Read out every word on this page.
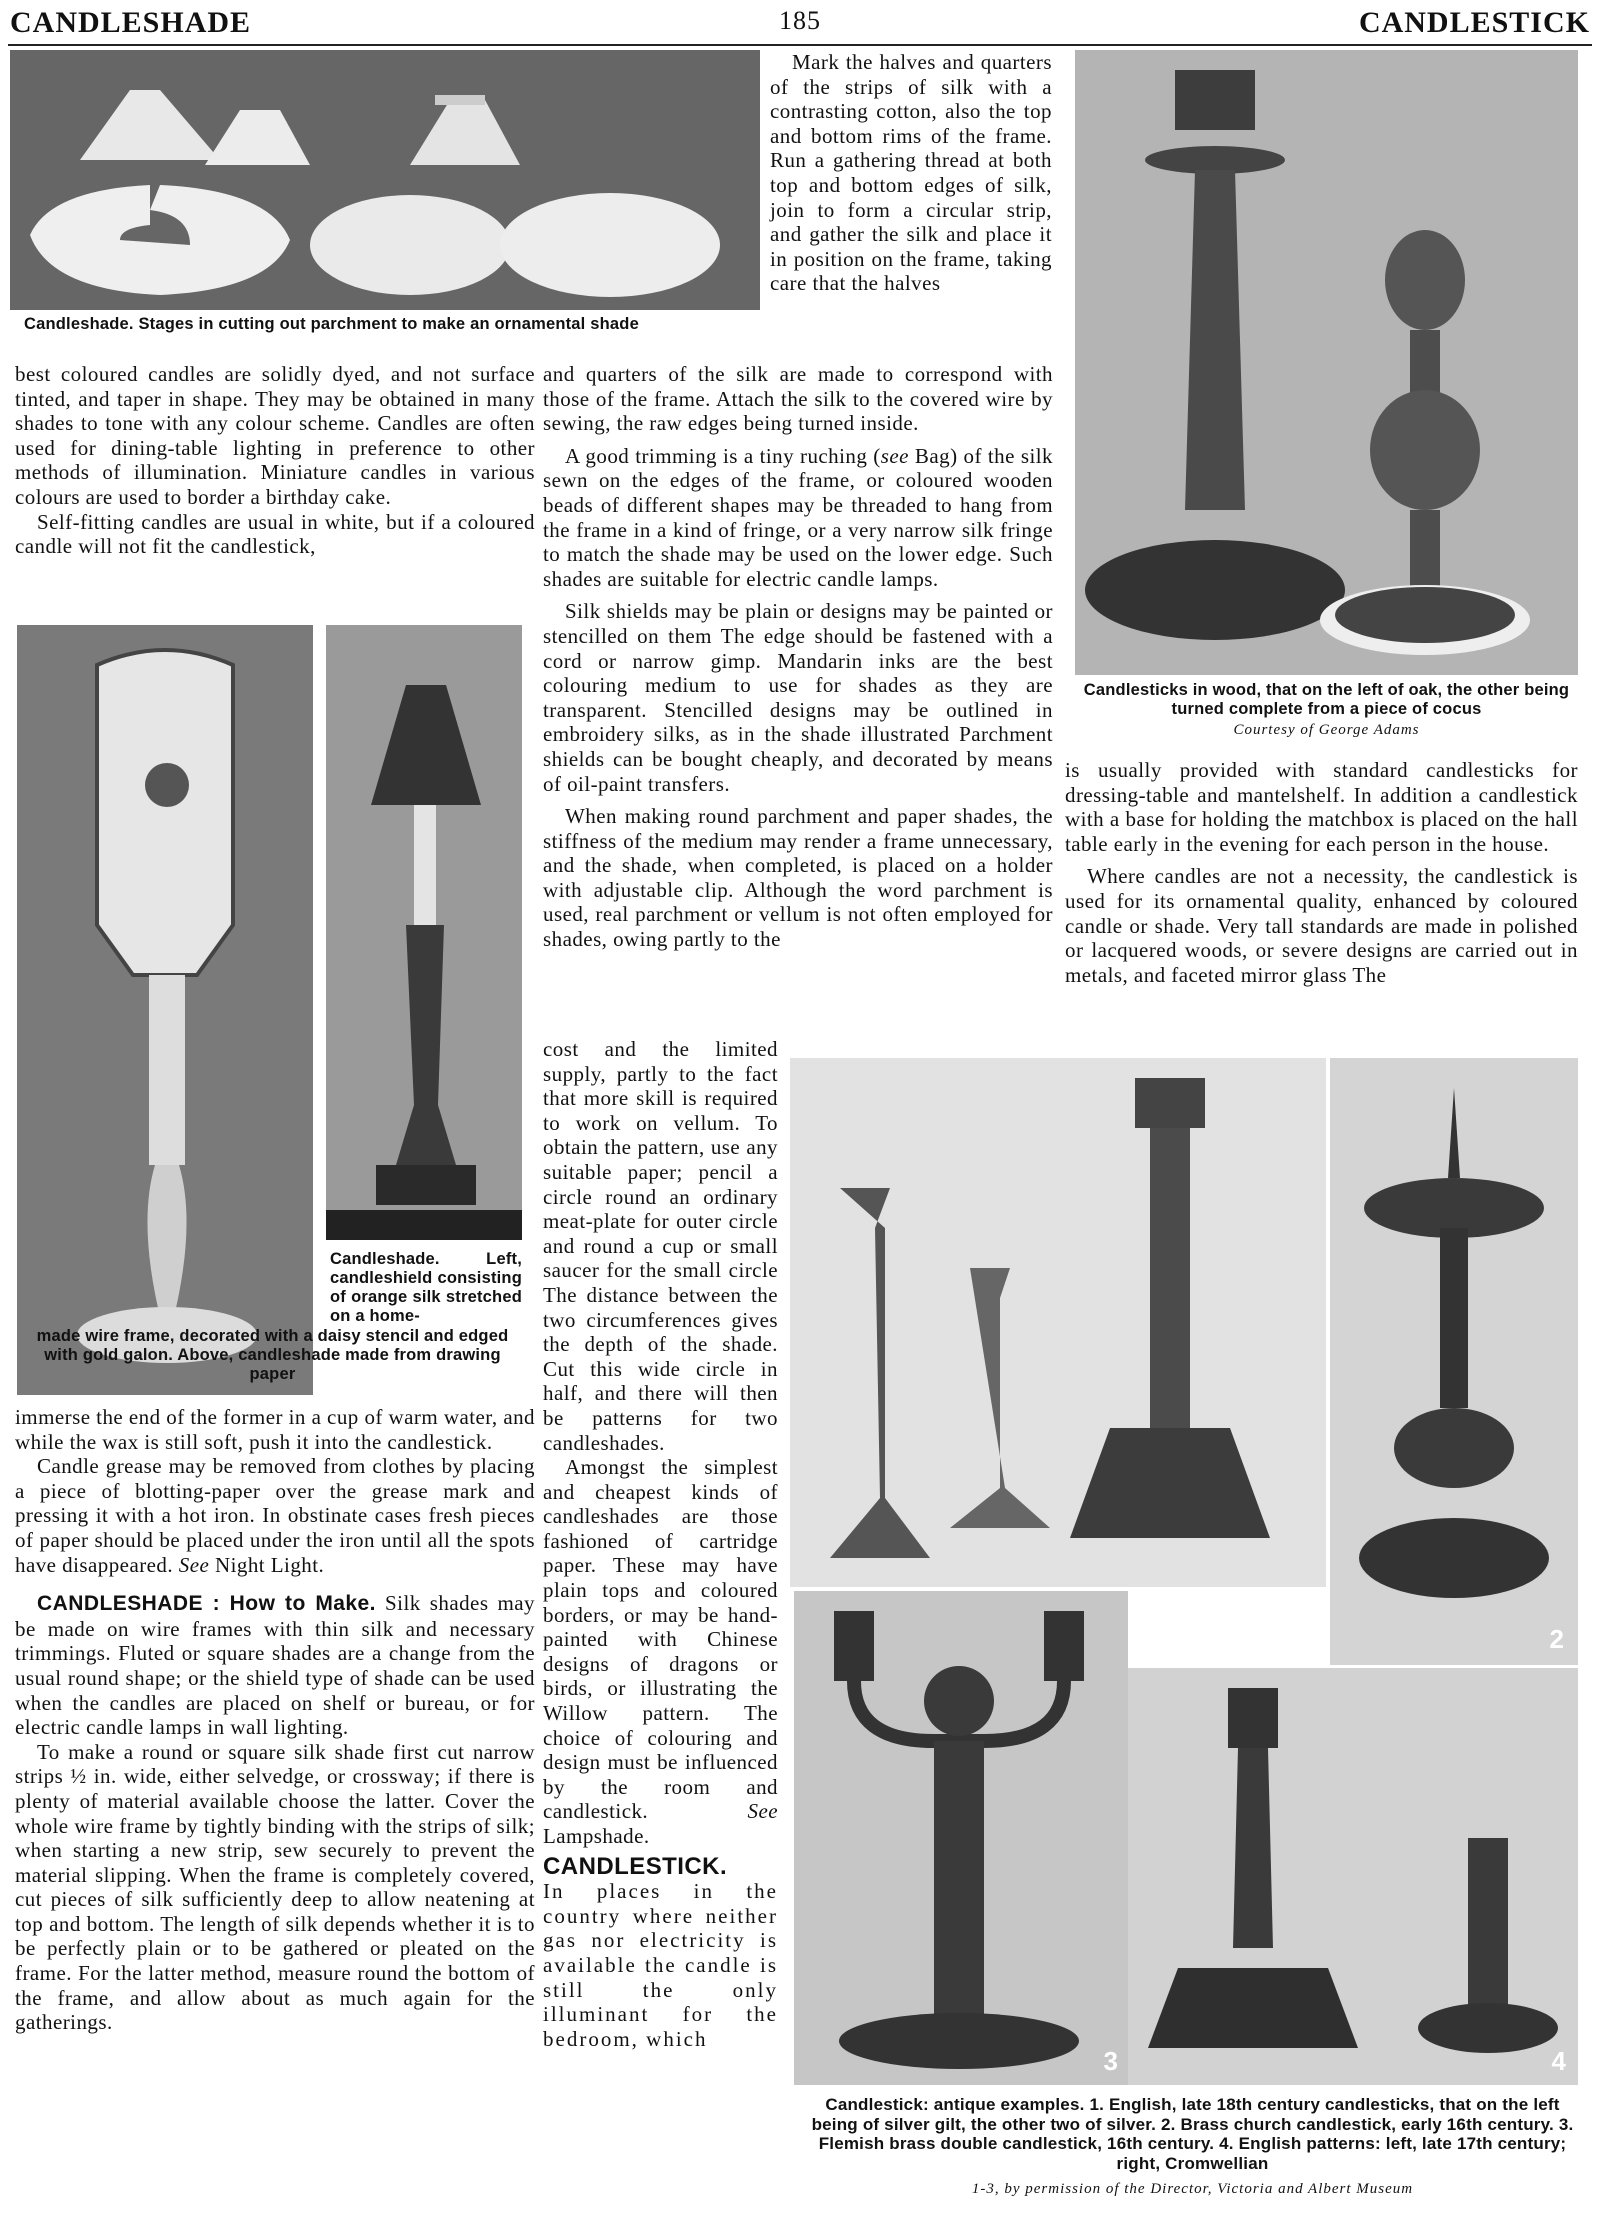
CANDLESHADE	185	CANDLESTICK
Candleshade. Stages in cutting out parchment to make an ornamental shade

best coloured candles are solidly dyed, and not surface tinted, and taper in shape. They may be obtained in many shades to tone with any colour scheme. Candles are often used for dining-table lighting in preference to other methods of illumination. Miniature candles in various colours are used to border a birthday cake.

Self-fitting candles are usual in white, but if a coloured candle will not fit the candlestick,

Candleshade. Left, candleshield consisting of orange silk stretched on a home-
made wire frame, decorated with a daisy stencil and edged with gold galon. Above, candleshade made from drawing paper

immerse the end of the former in a cup of warm water, and while the wax is still soft, push it into the candlestick.

Candle grease may be removed from clothes by placing a piece of blotting-paper over the grease mark and pressing it with a hot iron. In obstinate cases fresh pieces of paper should be placed under the iron until all the spots have disappeared. See Night Light.

CANDLESHADE : How to Make. Silk shades may be made on wire frames with thin silk and necessary trimmings. Fluted or square shades are a change from the usual round shape; or the shield type of shade can be used when the candles are placed on shelf or bureau, or for electric candle lamps in wall lighting.

To make a round or square silk shade first cut narrow strips ½ in. wide, either selvedge, or crossway; if there is plenty of material available choose the latter. Cover the whole wire frame by tightly binding with the strips of silk; when starting a new strip, sew securely to prevent the material slipping. When the frame is completely covered, cut pieces of silk sufficiently deep to allow neatening at top and bottom. The length of silk depends whether it is to be perfectly plain or to be gathered or pleated on the frame. For the latter method, measure round the bottom of the frame, and allow about as much again for the gatherings.

Mark the halves and quarters of the strips of silk with a contrasting cotton, also the top and bottom rims of the frame. Run a gathering thread at both top and bottom edges of silk, join to form a circular strip, and gather the silk and place it in position on the frame, taking care that the halves

and quarters of the silk are made to correspond with those of the frame. Attach the silk to the covered wire by sewing, the raw edges being turned inside.

A good trimming is a tiny ruching (see Bag) of the silk sewn on the edges of the frame, or coloured wooden beads of different shapes may be threaded to hang from the frame in a kind of fringe, or a very narrow silk fringe to match the shade may be used on the lower edge. Such shades are suitable for electric candle lamps.

Silk shields may be plain or designs may be painted or stencilled on them The edge should be fastened with a cord or narrow gimp. Mandarin inks are the best colouring medium to use for shades as they are transparent. Stencilled designs may be outlined in embroidery silks, as in the shade illustrated Parchment shields can be bought cheaply, and decorated by means of oil-paint transfers.

When making round parchment and paper shades, the stiffness of the medium may render a frame unnecessary, and the shade, when completed, is placed on a holder with adjustable clip. Although the word parchment is used, real parchment or vellum is not often employed for shades, owing partly to the

cost and the limited supply, partly to the fact that more skill is required to work on vellum. To obtain the pattern, use any suitable paper; pencil a circle round an ordinary meat-plate for outer circle and round a cup or small saucer for the small circle The distance between the two circumferences gives the depth of the shade. Cut this wide circle in half, and there will then be patterns for two candleshades.

Amongst the simplest and cheapest kinds of candleshades are those fashioned of cartridge paper. These may have plain tops and coloured borders, or may be hand-painted with Chinese designs of dragons or birds, or illustrating the Willow pattern. The choice of colouring and design must be influenced by the room and candlestick.	See Lampshade.

CANDLESTICK.

In places in the country where neither gas nor electricity is available the candle is still the only illuminant for the bedroom, which

Candlesticks in wood, that on the left of oak, the other being turned complete from a piece of cocus
Courtesy of George Adams

is usually provided with standard candlesticks for dressing-table and mantelshelf. In addition a candlestick with a base for holding the matchbox is placed on the hall table early in the evening for each person in the house.

Where candles are not a necessity, the candlestick is used for its ornamental quality, enhanced by coloured candle or shade. Very tall standards are made in polished or lacquered woods, or severe designs are carried out in metals, and faceted mirror glass The

2
3	4
Candlestick: antique examples. 1. English, late 18th century candlesticks, that on the left being of silver gilt, the other two of silver. 2. Brass church candlestick, early 16th century. 3. Flemish brass double candlestick, 16th century. 4. English patterns: left, late 17th century; right, Cromwellian
1-3, by permission of the Director, Victoria and Albert Museum
